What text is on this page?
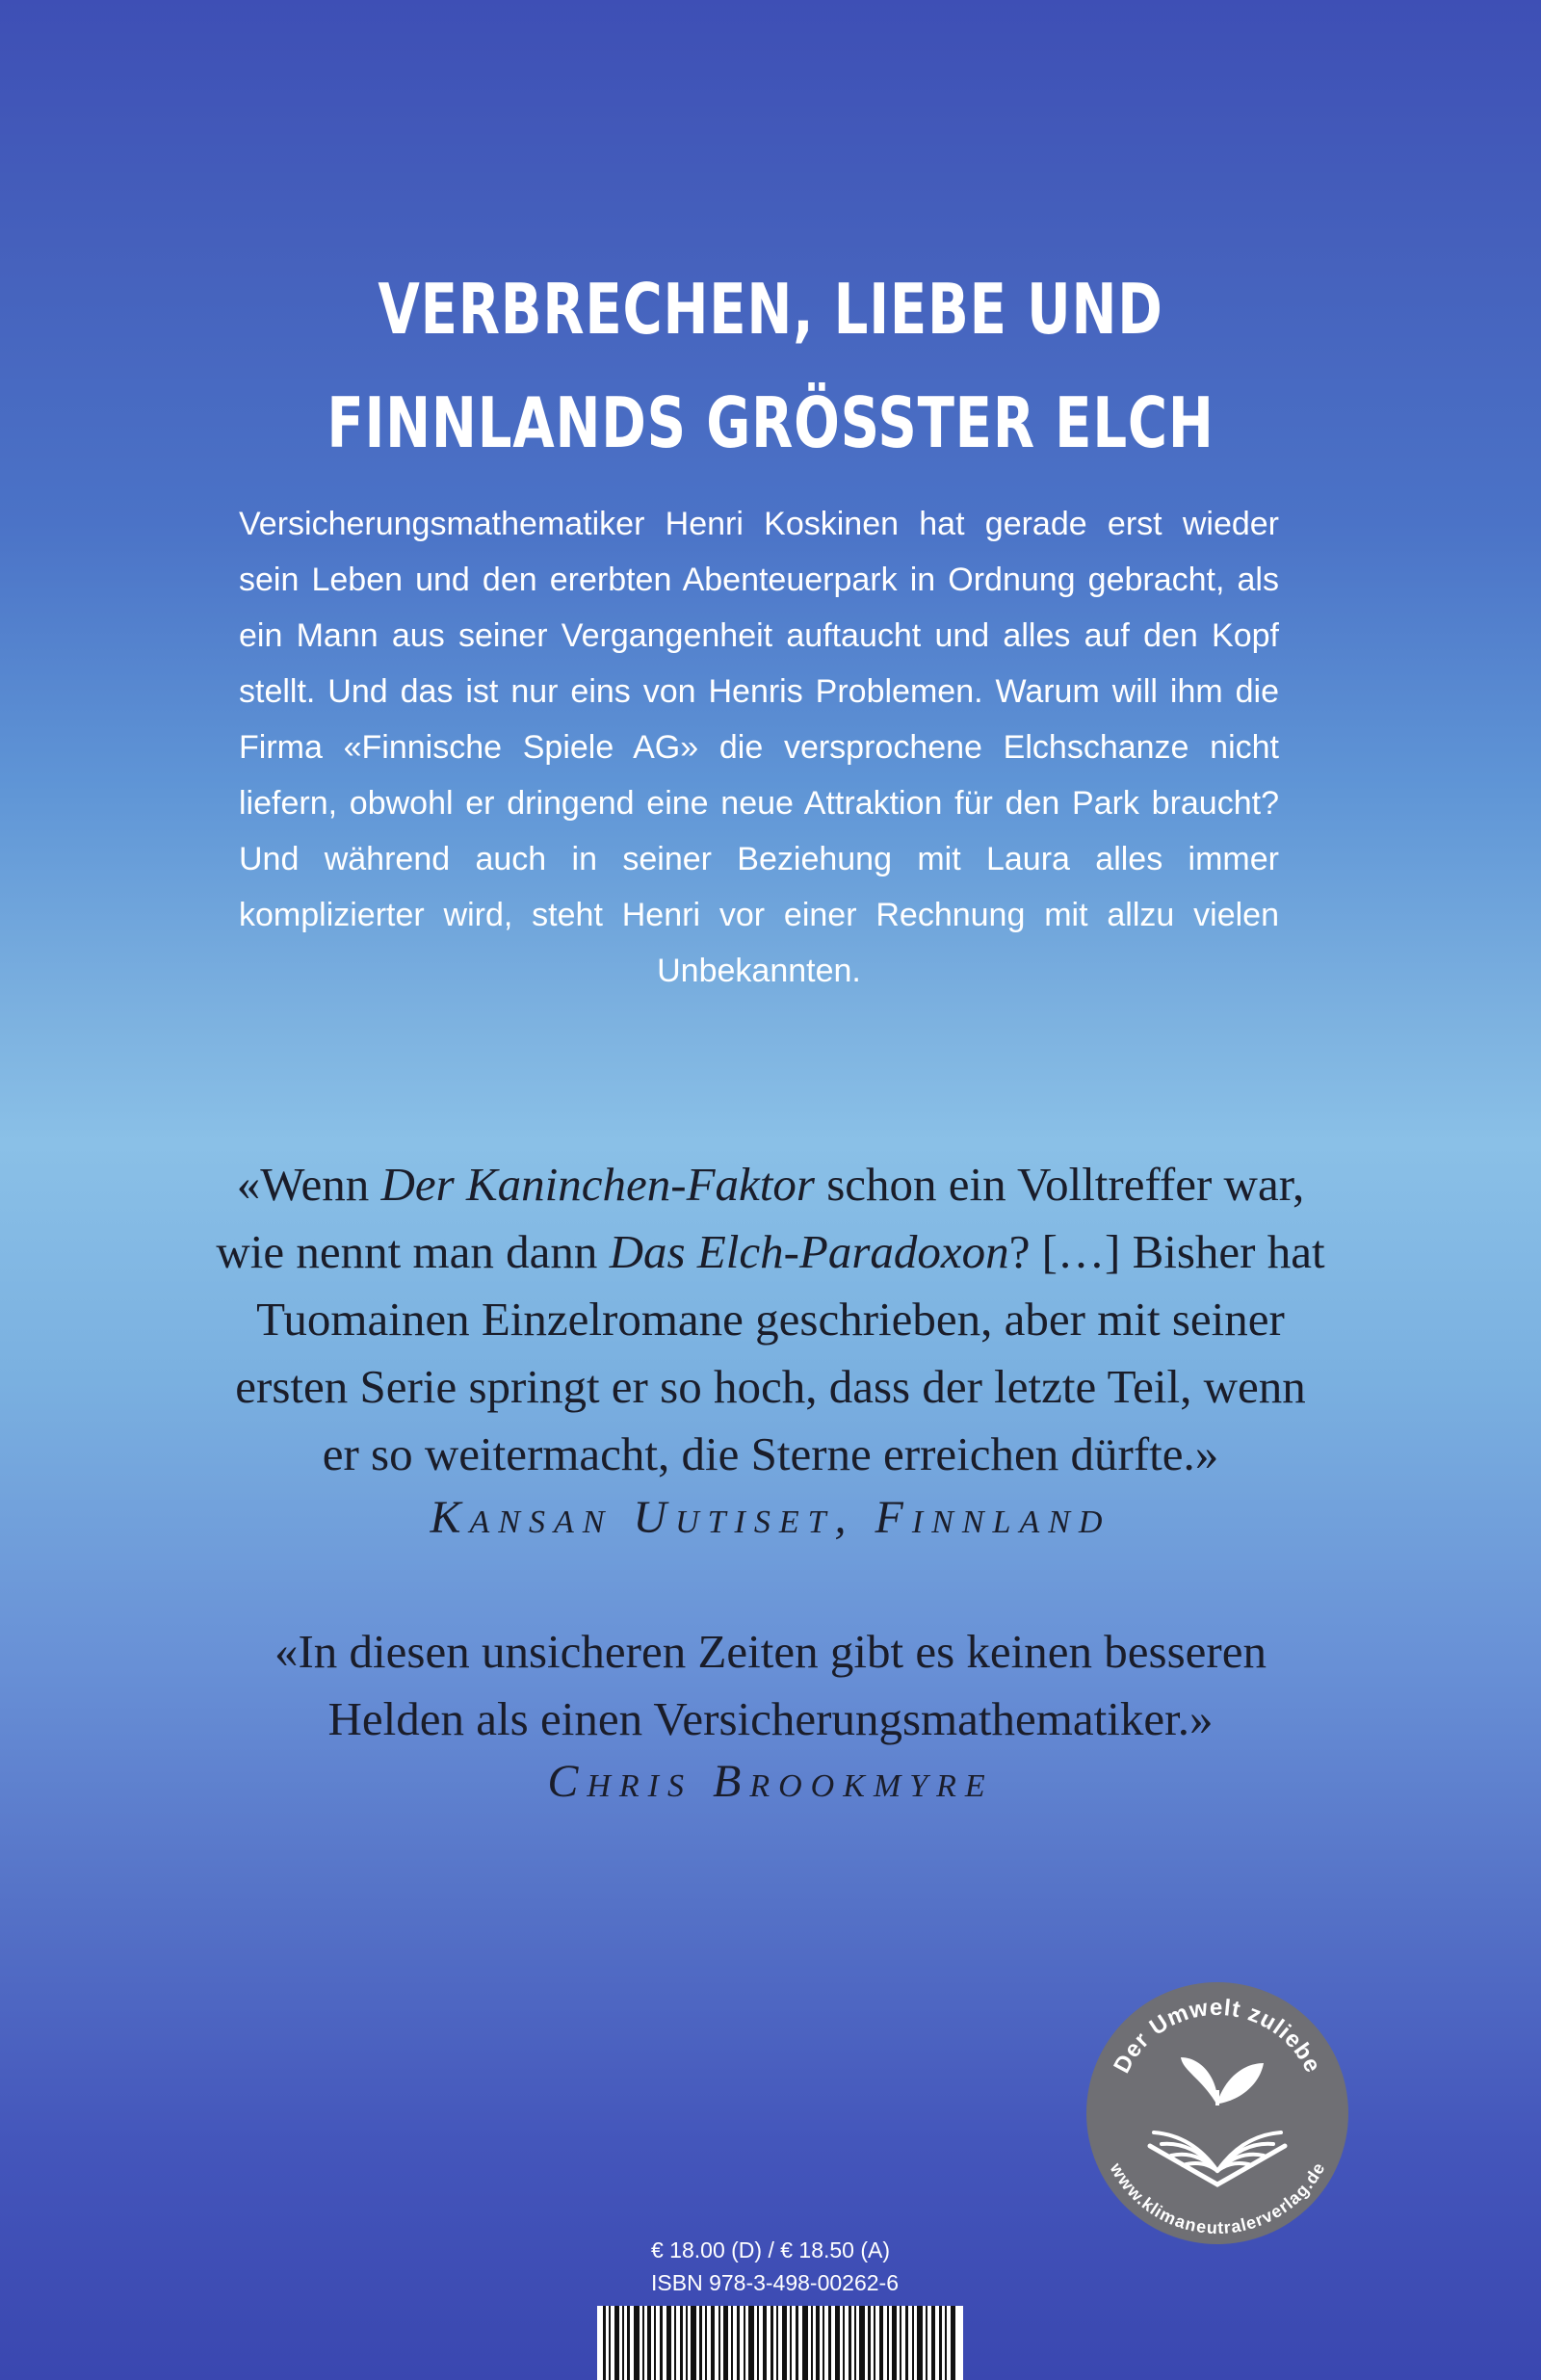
VERBRECHEN, LIEBE UND
FINNLANDS GRÖSSTER ELCH
Versicherungsmathematiker Henri Koskinen hat gerade erst wieder sein Leben und den ererbten Abenteuerpark in Ordnung gebracht, als ein Mann aus seiner Vergangenheit auftaucht und alles auf den Kopf stellt. Und das ist nur eins von Henris Problemen. Warum will ihm die Firma «Finnische Spiele AG» die versprochene Elchschanze nicht liefern, obwohl er dringend eine neue Attraktion für den Park braucht? Und während auch in seiner Beziehung mit Laura alles immer komplizierter wird, steht Henri vor einer Rechnung mit allzu vielen Unbekannten.
«Wenn Der Kaninchen-Faktor schon ein Volltreffer war,
wie nennt man dann Das Elch-Paradoxon? […] Bisher hat
Tuomainen Einzelromane geschrieben, aber mit seiner
ersten Serie springt er so hoch, dass der letzte Teil, wenn
er so weitermacht, die Sterne erreichen dürfte.»
Kansan Uutiset, Finnland
«In diesen unsicheren Zeiten gibt es keinen besseren
Helden als einen Versicherungsmathematiker.»
Chris Brookmyre
Der Umwelt zuliebe
www.klimaneutralerverlag.de
€ 18.00 (D) / € 18.50 (A)
ISBN 978-3-498-00262-6
